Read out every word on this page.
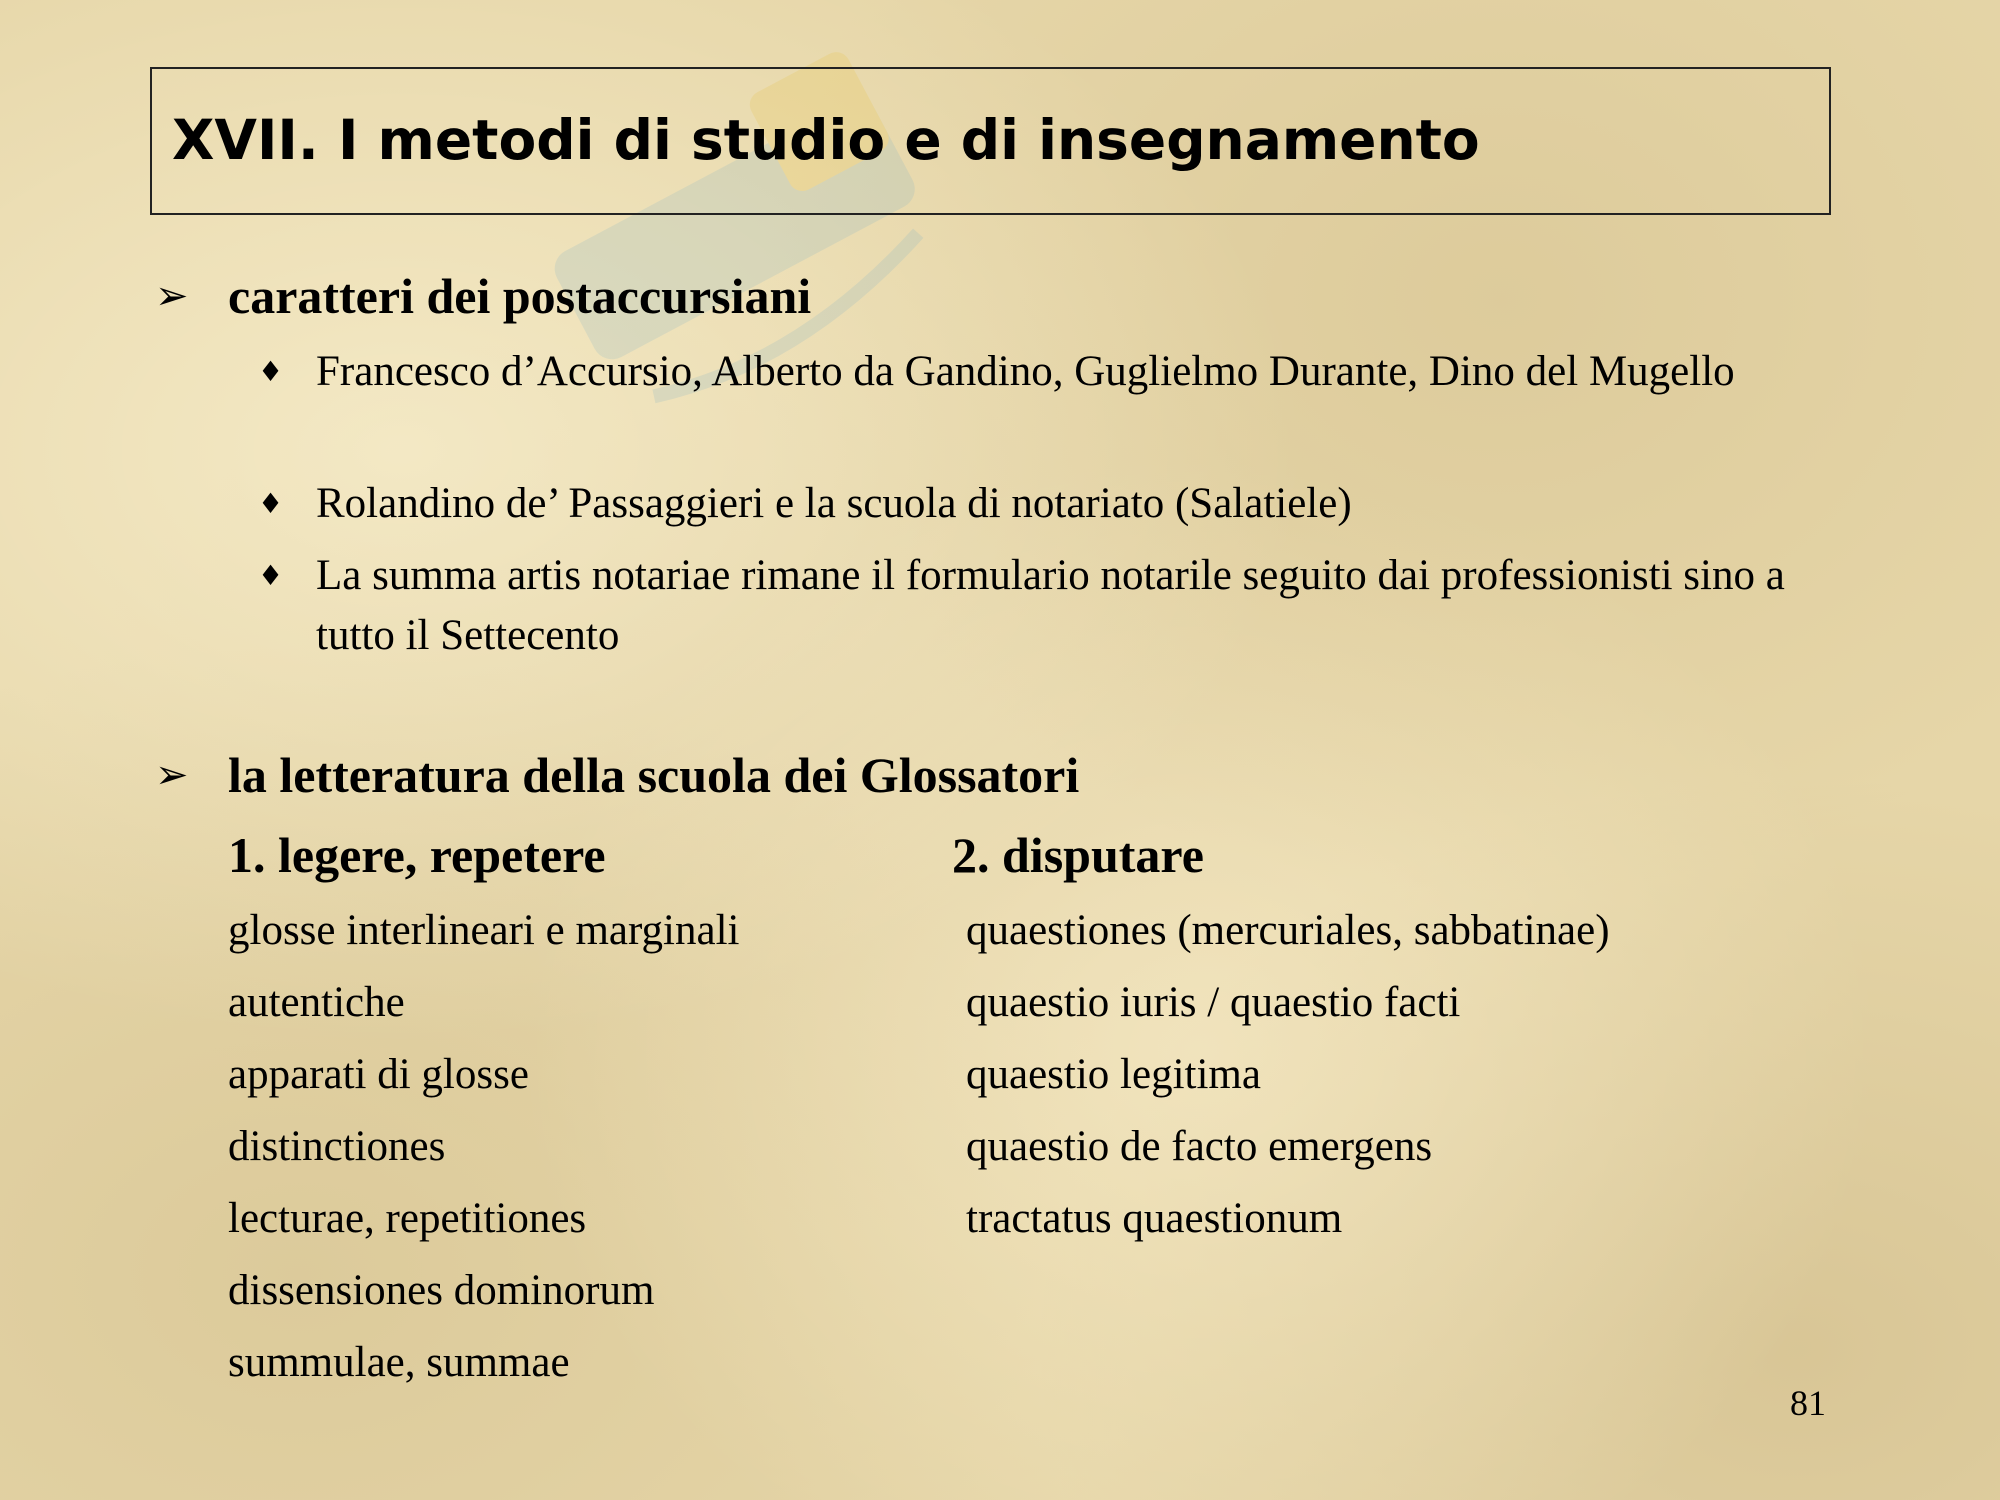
XVII. I metodi di studio e di insegnamento
➢ caratteri dei postaccursiani
♦ Francesco d’Accursio, Alberto da Gandino, Guglielmo Durante, Dino del Mugello
♦ Rolandino de’ Passaggieri e la scuola di notariato (Salatiele)
♦ La summa artis notariae rimane il formulario notarile seguito dai professionisti sino a tutto il Settecento
➢ la letteratura della scuola dei Glossatori
1. legere, repetere	2. disputare
glosse interlineari e marginali
autentiche
apparati di glosse
distinctiones
lecturae, repetitiones
dissensiones dominorum
summulae, summae
quaestiones (mercuriales, sabbatinae)
quaestio iuris / quaestio facti
quaestio legitima
quaestio de facto emergens
tractatus quaestionum
81
